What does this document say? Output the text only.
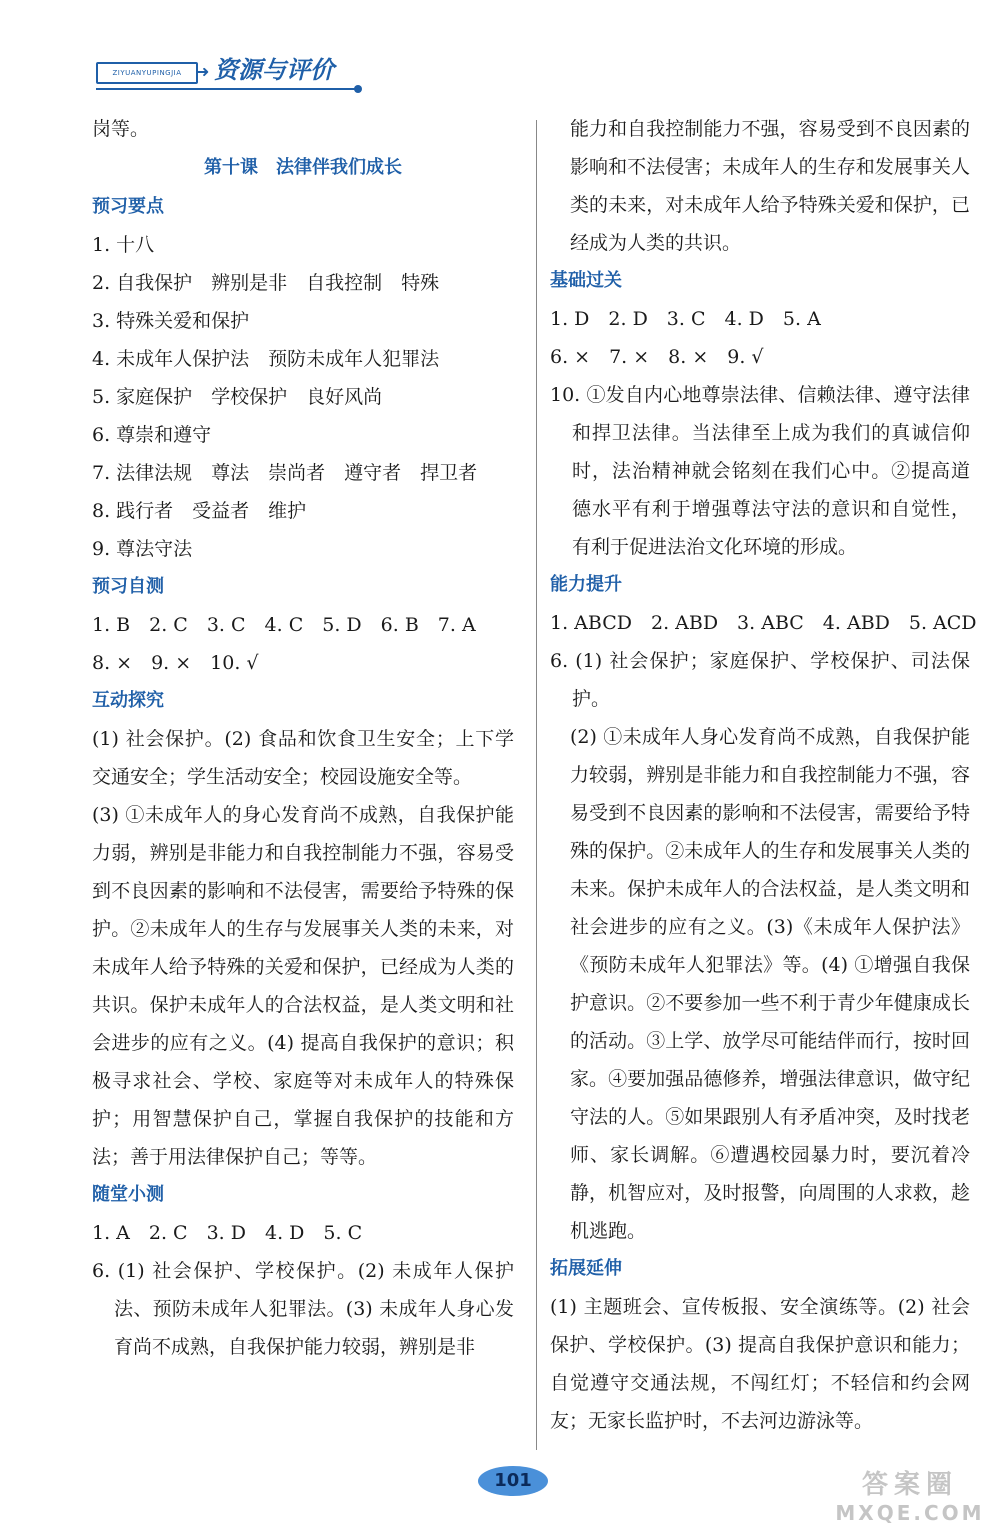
ZIYUANYUPINGJIA ➜ 资源与评价
岗等。
第十课　法律伴我们成长
预习要点
1. 十八
2. 自我保护　辨别是非　自我控制　特殊
3. 特殊关爱和保护
4. 未成年人保护法　预防未成年人犯罪法
5. 家庭保护　学校保护　良好风尚
6. 尊崇和遵守
7. 法律法规　尊法　崇尚者　遵守者　捍卫者
8. 践行者　受益者　维护
9. 尊法守法
预习自测
1. B　2. C　3. C　4. C　5. D　6. B　7. A
8. ×　9. ×　10. √
互动探究
(1) 社会保护。(2) 食品和饮食卫生安全；上下学交通安全；学生活动安全；校园设施安全等。
(3) ①未成年人的身心发育尚不成熟，自我保护能力弱，辨别是非能力和自我控制能力不强，容易受到不良因素的影响和不法侵害，需要给予特殊的保护。②未成年人的生存与发展事关人类的未来，对未成年人给予特殊的关爱和保护，已经成为人类的共识。保护未成年人的合法权益，是人类文明和社会进步的应有之义。(4) 提高自我保护的意识；积极寻求社会、学校、家庭等对未成年人的特殊保护；用智慧保护自己，掌握自我保护的技能和方法；善于用法律保护自己；等等。
随堂小测
1. A　2. C　3. D　4. D　5. C
6. (1) 社会保护、学校保护。(2) 未成年人保护法、预防未成年人犯罪法。(3) 未成年人身心发育尚不成熟，自我保护能力较弱，辨别是非
能力和自我控制能力不强，容易受到不良因素的影响和不法侵害；未成年人的生存和发展事关人类的未来，对未成年人给予特殊关爱和保护，已经成为人类的共识。
基础过关
1. D　2. D　3. C　4. D　5. A
6. ×　7. ×　8. ×　9. √
10. ①发自内心地尊崇法律、信赖法律、遵守法律和捍卫法律。当法律至上成为我们的真诚信仰时，法治精神就会铭刻在我们心中。②提高道德水平有利于增强尊法守法的意识和自觉性，有利于促进法治文化环境的形成。
能力提升
1. ABCD　2. ABD　3. ABC　4. ABD　5. ACD
6. (1) 社会保护；家庭保护、学校保护、司法保护。
(2) ①未成年人身心发育尚不成熟，自我保护能力较弱，辨别是非能力和自我控制能力不强，容易受到不良因素的影响和不法侵害，需要给予特殊的保护。②未成年人的生存和发展事关人类的未来。保护未成年人的合法权益，是人类文明和社会进步的应有之义。(3)《未成年人保护法》《预防未成年人犯罪法》等。(4) ①增强自我保护意识。②不要参加一些不利于青少年健康成长的活动。③上学、放学尽可能结伴而行，按时回家。④要加强品德修养，增强法律意识，做守纪守法的人。⑤如果跟别人有矛盾冲突，及时找老师、家长调解。⑥遭遇校园暴力时，要沉着冷静，机智应对，及时报警，向周围的人求救，趁机逃跑。
拓展延伸
(1) 主题班会、宣传板报、安全演练等。(2) 社会保护、学校保护。(3) 提高自我保护意识和能力；自觉遵守交通法规，不闯红灯；不轻信和约会网友；无家长监护时，不去河边游泳等。
101	答案圈
MXQE.COM
